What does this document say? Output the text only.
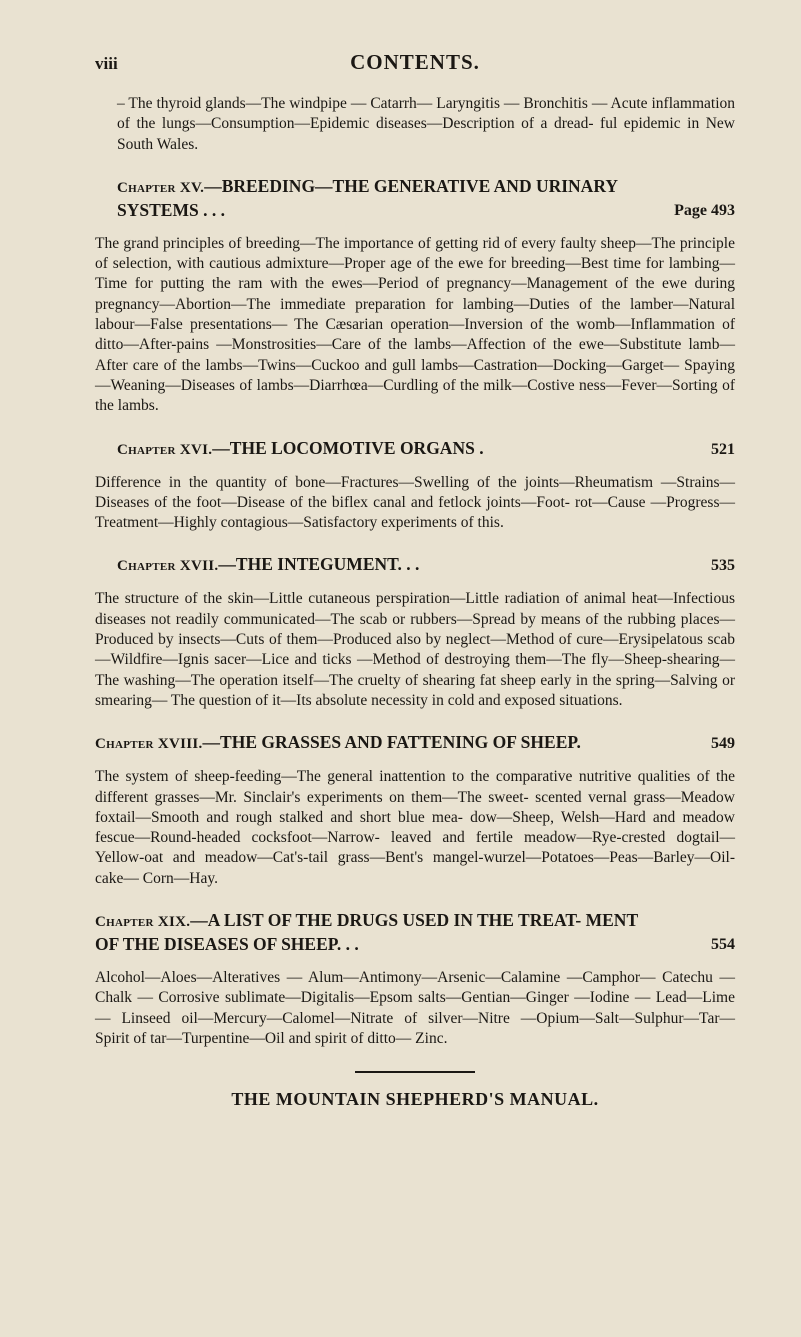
viii	CONTENTS.

– The thyroid glands—The windpipe — Catarrh— Laryngitis — Bronchitis — Acute inflammation of the lungs—Consumption—Epidemic diseases—Description of a dread- ful epidemic in New South Wales.

Chapter XV.—BREEDING—THE GENERATIVE AND URINARY SYSTEMS . . .	Page 493

The grand principles of breeding—The importance of getting rid of every faulty sheep—The principle of selection, with cautious admixture—Proper age of the ewe for breeding—Best time for lambing—Time for putting the ram with the ewes—Period of pregnancy—Management of the ewe during pregnancy—Abortion—The immediate preparation for lambing—Duties of the lamber—Natural labour—False presentations— The Cæsarian operation—Inversion of the womb—Inflammation of ditto—After-pains —Monstrosities—Care of the lambs—Affection of the ewe—Substitute lamb—After care of the lambs—Twins—Cuckoo and gull lambs—Castration—Docking—Garget— Spaying—Weaning—Diseases of lambs—Diarrhœa—Curdling of the milk—Costive ness—Fever—Sorting of the lambs.

Chapter XVI.—THE LOCOMOTIVE ORGANS .	521

Difference in the quantity of bone—Fractures—Swelling of the joints—Rheumatism —Strains—Diseases of the foot—Disease of the biflex canal and fetlock joints—Foot- rot—Cause —Progress—Treatment—Highly contagious—Satisfactory experiments of this.

Chapter XVII.—THE INTEGUMENT. . .	535

The structure of the skin—Little cutaneous perspiration—Little radiation of animal heat—Infectious diseases not readily communicated—The scab or rubbers—Spread by means of the rubbing places—Produced by insects—Cuts of them—Produced also by neglect—Method of cure—Erysipelatous scab—Wildfire—Ignis sacer—Lice and ticks —Method of destroying them—The fly—Sheep-shearing—The washing—The operation itself—The cruelty of shearing fat sheep early in the spring—Salving or smearing— The question of it—Its absolute necessity in cold and exposed situations.

Chapter XVIII.—THE GRASSES AND FATTENING OF SHEEP.	549

The system of sheep-feeding—The general inattention to the comparative nutritive qualities of the different grasses—Mr. Sinclair's experiments on them—The sweet- scented vernal grass—Meadow foxtail—Smooth and rough stalked and short blue mea- dow—Sheep, Welsh—Hard and meadow fescue—Round-headed cocksfoot—Narrow- leaved and fertile meadow—Rye-crested dogtail—Yellow-oat and meadow—Cat's-tail grass—Bent's mangel-wurzel—Potatoes—Peas—Barley—Oil-cake— Corn—Hay.

Chapter XIX.—A LIST OF THE DRUGS USED IN THE TREAT- MENT OF THE DISEASES OF SHEEP. . .	554

Alcohol—Aloes—Alteratives — Alum—Antimony—Arsenic—Calamine —Camphor— Catechu — Chalk — Corrosive sublimate—Digitalis—Epsom salts—Gentian—Ginger —Iodine — Lead—Lime — Linseed oil—Mercury—Calomel—Nitrate of silver—Nitre —Opium—Salt—Sulphur—Tar— Spirit of tar—Turpentine—Oil and spirit of ditto— Zinc.

THE MOUNTAIN SHEPHERD'S MANUAL.
